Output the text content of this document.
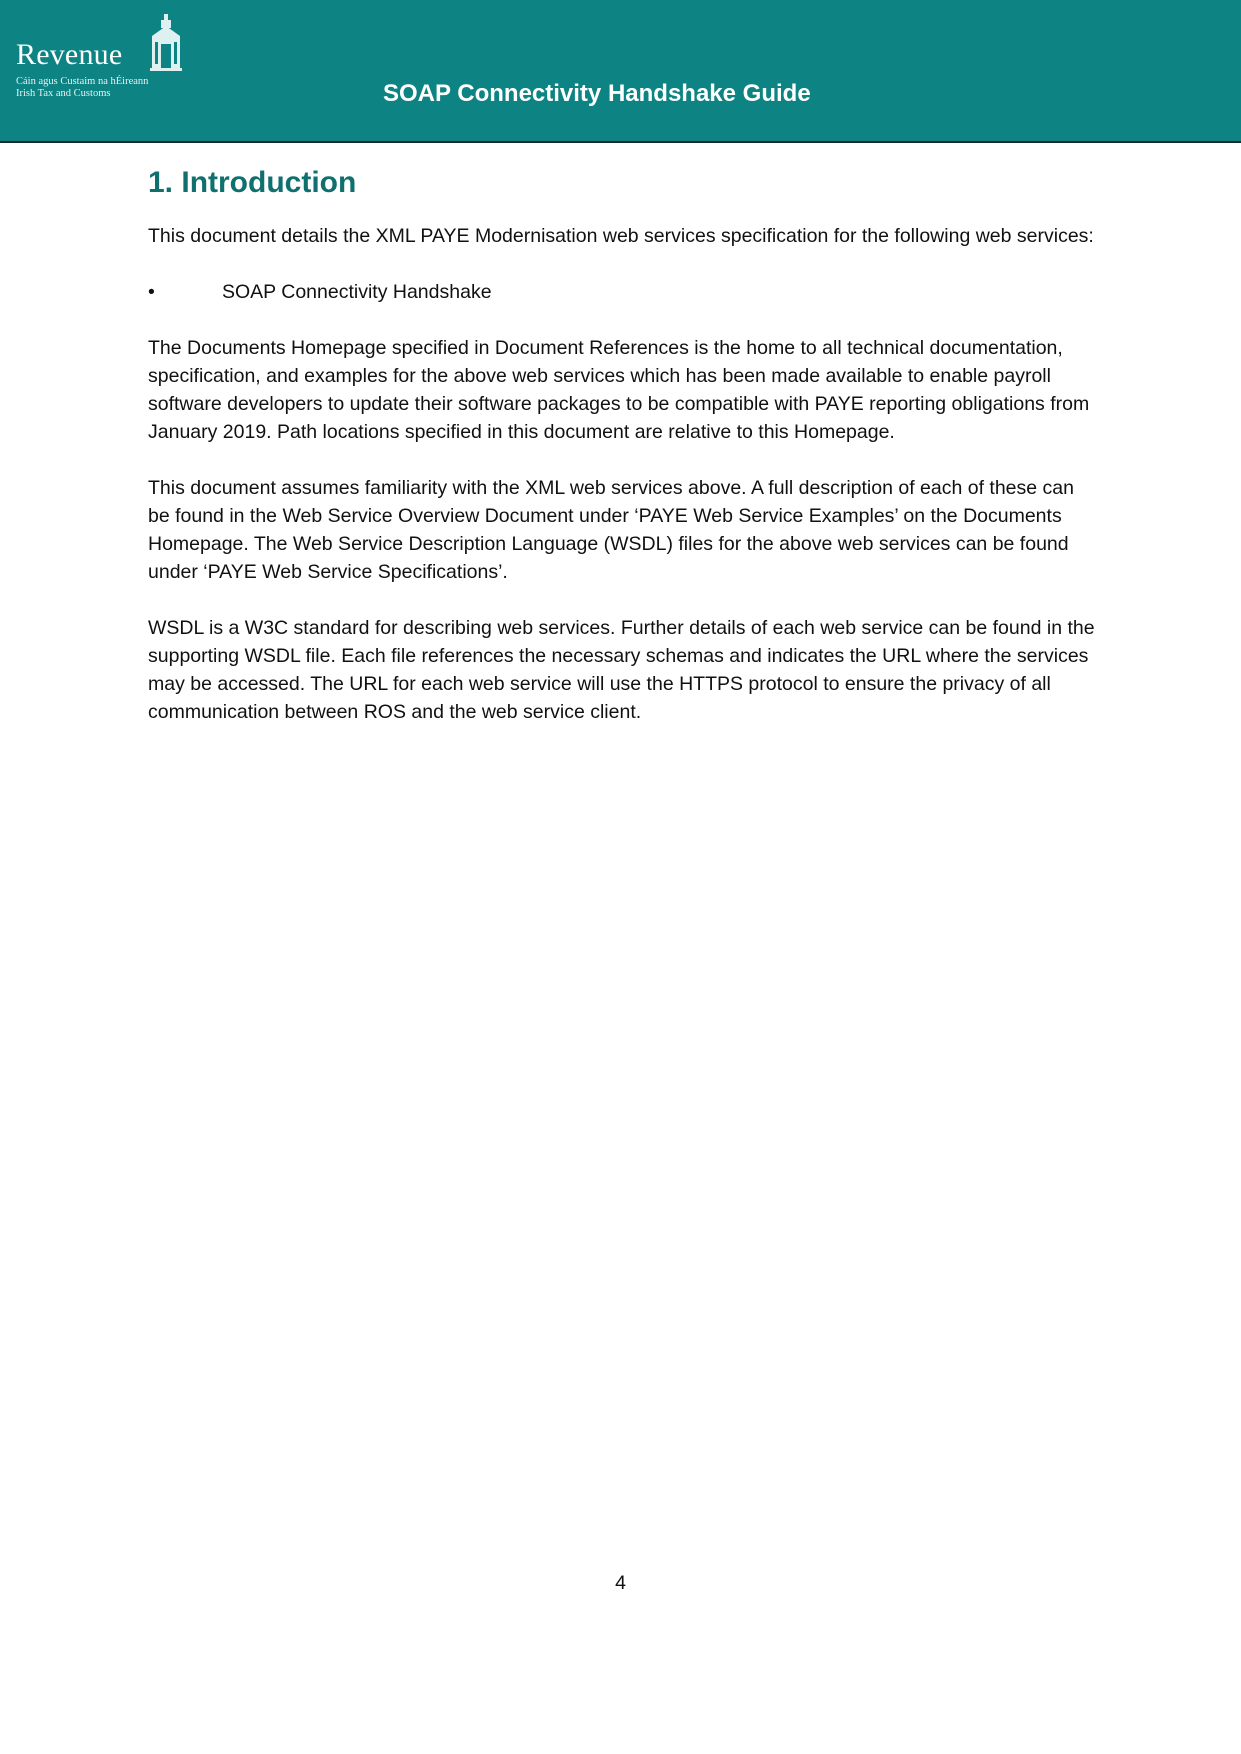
Revenue
Cáin agus Custaim na hÉireann
Irish Tax and Customs	SOAP Connectivity Handshake Guide
1. Introduction

This document details the XML PAYE Modernisation web services specification for the following web services:

•	SOAP Connectivity Handshake

The Documents Homepage specified in Document References is the home to all technical documentation, specification, and examples for the above web services which has been made available to enable payroll software developers to update their software packages to be compatible with PAYE reporting obligations from January 2019. Path locations specified in this document are relative to this Homepage.

This document assumes familiarity with the XML web services above. A full description of each of these can be found in the Web Service Overview Document under ‘PAYE Web Service Examples’ on the Documents Homepage. The Web Service Description Language (WSDL) files for the above web services can be found under ‘PAYE Web Service Specifications’.

WSDL is a W3C standard for describing web services. Further details of each web service can be found in the supporting WSDL file. Each file references the necessary schemas and indicates the URL where the services may be accessed. The URL for each web service will use the HTTPS protocol to ensure the privacy of all communication between ROS and the web service client.

4
